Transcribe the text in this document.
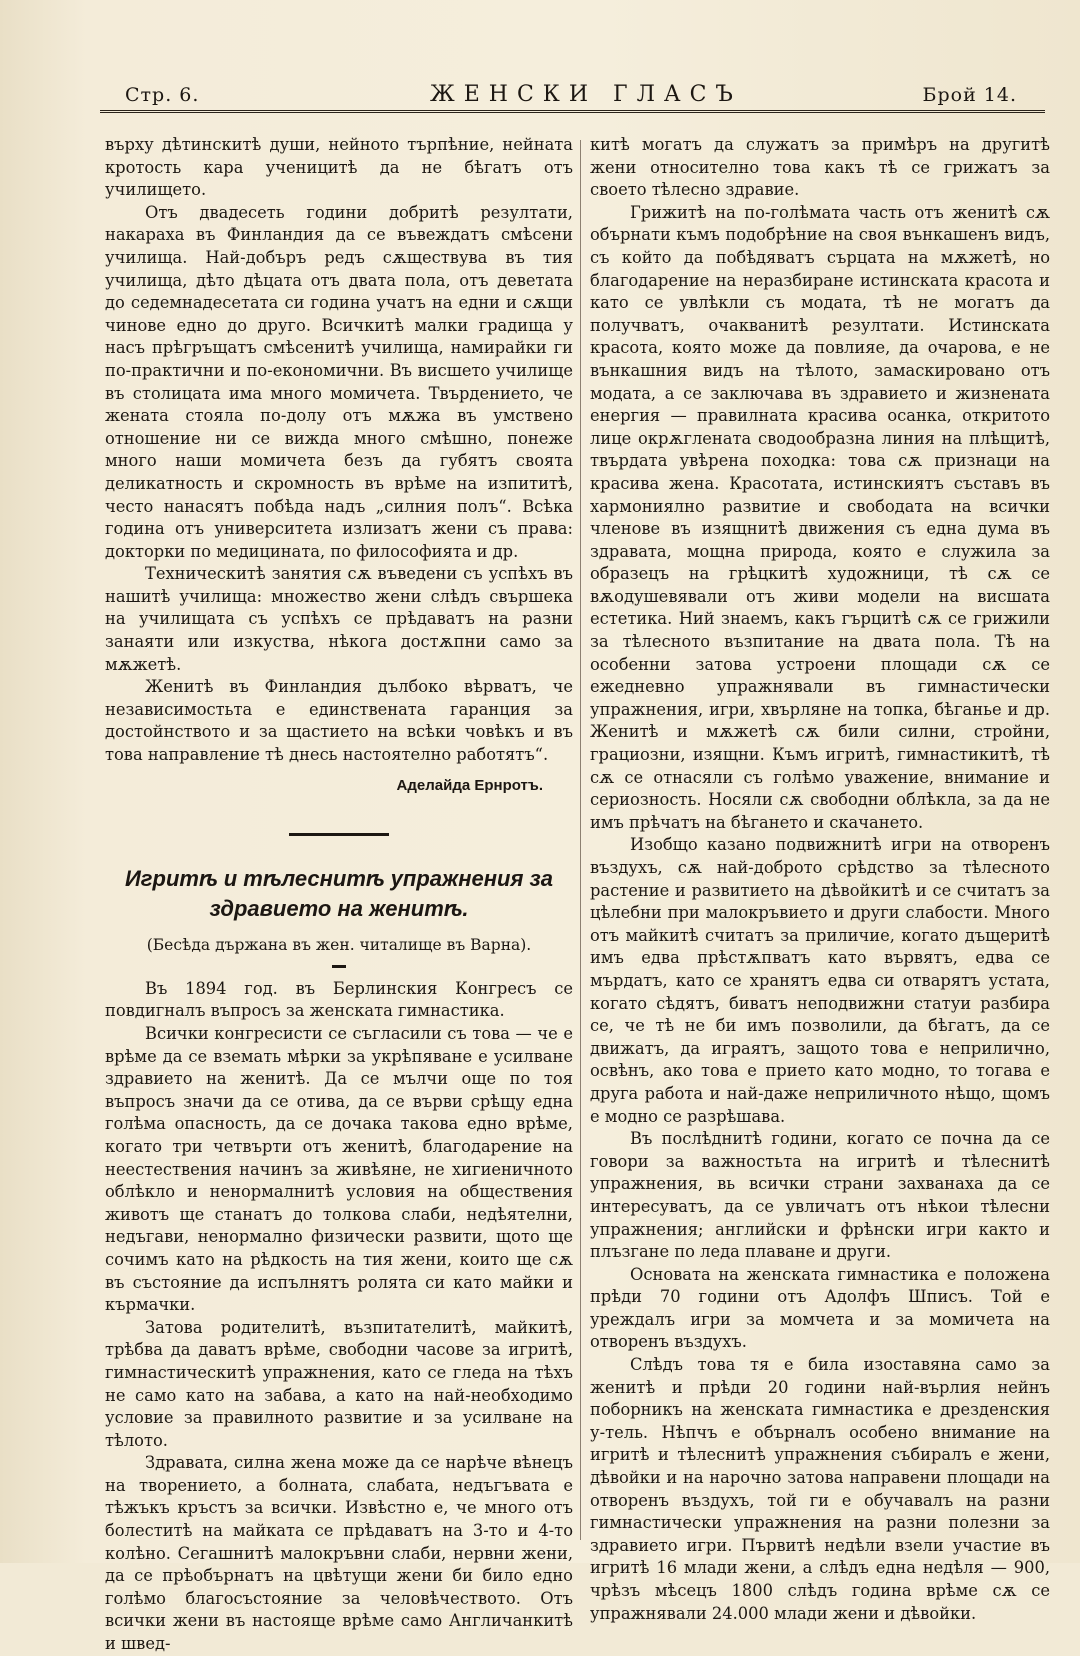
Стр. 6.	ЖЕНСКИ ГЛАСЪ	Брой 14.

върху дѣтинскитѣ души, нейното търпѣние, нейната кротость кара ученицитѣ да не бѣгатъ отъ училището.

Отъ двадесеть години добритѣ резултати, накараха въ Финландия да се въвеждатъ смѣсени училища. Най-добъръ редъ сѫществува въ тия училища, дѣто дѣцата отъ двата пола, отъ деветата до седемнадесетата си година учатъ на едни и сѫщи чинове едно до друго. Всичкитѣ малки градища у насъ прѣгръщатъ смѣсенитѣ училища, намирайки ги по-практични и по-економични. Въ висшето училище въ столицата има много момичета. Твърдението, че жената стояла по-долу отъ мѫжа въ умствено отношение ни се вижда много смѣшно, понеже много наши момичета безъ да губятъ своята деликатность и скромность въ врѣме на изпититѣ, често нанасятъ побѣда надъ „силния полъ“. Всѣка година отъ университета излизатъ жени съ права: докторки по медицината, по философията и др.

Техническитѣ занятия сѫ въведени съ успѣхъ въ нашитѣ училища: множество жени слѣдъ свършека на училищата съ успѣхъ се прѣдаватъ на разни занаяти или изкуства, нѣкога достѫпни само за мѫжетѣ.

Женитѣ въ Финландия дълбоко вѣрватъ, че независимостьта е единствената гаранция за достойнството и за щастието на всѣки човѣкъ и въ това направление тѣ днесь настоятелно работятъ“.

Аделайда Ернротъ.
Игритѣ и тѣлеснитѣ упражнения за здравието на женитѣ.
(Бесѣда държана въ жен. читалище въ Варна).

Въ 1894 год. въ Берлинския Конгресъ се повдигналъ въпросъ за женската гимнастика.

Всички конгресисти се съгласили съ това — че е врѣме да се вземать мѣрки за укрѣпяване е усилване здравието на женитѣ. Да се мълчи още по тоя въпросъ значи да се отива, да се върви срѣщу една голѣма опасность, да се дочака такова едно врѣме, когато три четвърти отъ женитѣ, благодарение на неестествения начинъ за живѣяне, не хигиеничното облѣкло и ненормалнитѣ условия на обществения животъ ще станатъ до толкова слаби, недѣятелни, недъгави, ненормално физически развити, щото ще сочимъ като на рѣдкость на тия жени, които ще сѫ въ състояние да испълнятъ ролята си като майки и кърмачки.

Затова родителитѣ, възпитателитѣ, майкитѣ, трѣбва да даватъ врѣме, свободни часове за игритѣ, гимнастическитѣ упражнения, като се гледа на тѣхъ не само като на забава, а като на най-необходимо условие за правилното развитие и за усилване на тѣлото.

Здравата, силна жена може да се нарѣче вѣнецъ на творението, а болната, слабата, недъгъвата е тѣжъкъ кръстъ за всички. Извѣстно е, че много отъ болеститѣ на майката се прѣдаватъ на 3-то и 4-то колѣно. Сегашнитѣ малокръвни слаби, нервни жени, да се прѣобърнатъ на цвѣтущи жени би било едно голѣмо благосъстояние за человѣчеството. Отъ всички жени въ настояще врѣме само Англичанкитѣ и швед-

китѣ могатъ да служатъ за примѣръ на другитѣ жени относително това какъ тѣ се грижатъ за своето тѣлесно здравие.

Грижитѣ на по-голѣмата часть отъ женитѣ сѫ обърнати къмъ подобрѣние на своя вънкашенъ видъ, съ който да побѣдяватъ сърцата на мѫжетѣ, но благодарение на неразбиране истинската красота и като се увлѣкли съ модата, тѣ не могатъ да получватъ, очакванитѣ резултати. Истинската красота, която може да повлияе, да очарова, е не вънкашния видъ на тѣлото, замаскировано отъ модата, а се заключава въ здравието и жизнената енергия — правилната красива осанка, откритото лице окрѫглената сводообразна линия на плѣщитѣ, твърдата увѣрена походка: това сѫ признаци на красива жена. Красотата, истинскиятъ съставъ въ хармониялно развитие и свободата на всички членове въ изящнитѣ движения съ една дума въ здравата, мощна природа, която е служила за образецъ на грѣцкитѣ художници, тѣ сѫ се вѫодушевявали отъ живи модели на висшата естетика. Ний знаемъ, какъ гърцитѣ сѫ се грижили за тѣлесното възпитание на двата пола. Тѣ на особенни затова устроени площади сѫ се ежедневно упражнявали въ гимнастически упражнения, игри, хвърляне на топка, бѣганье и др. Женитѣ и мѫжетѣ сѫ били силни, стройни, грациозни, изящни. Къмъ игритѣ, гимнастикитѣ, тѣ сѫ се отнасяли съ голѣмо уважение, внимание и сериозность. Носяли сѫ свободни облѣкла, за да не имъ прѣчатъ на бѣгането и скачането.

Изобщо казано подвижнитѣ игри на отворенъ въздухъ, сѫ най-доброто срѣдство за тѣлесното растение и развитието на дѣвойкитѣ и се считатъ за цѣлебни при малокръвието и други слабости. Много отъ майкитѣ считатъ за приличие, когато дъщеритѣ имъ едва прѣстѫпватъ като вървятъ, едва се мърдатъ, като се хранятъ едва си отварятъ устата, когато сѣдятъ, биватъ неподвижни статуи разбира се, че тѣ не би имъ позволили, да бѣгатъ, да се движатъ, да играятъ, защото това е неприлично, освѣнъ, ако това е прието като модно, то тогава е друга работа и най-даже неприличното нѣщо, щомъ е модно се разрѣшава.

Въ послѣднитѣ години, когато се почна да се говори за важностьта на игритѣ и тѣлеснитѣ упражнения, вь всички страни захванаха да се интересуватъ, да се увличатъ отъ нѣкои тѣлесни упражнения; английски и фрѣнски игри както и плъзгане по леда плаване и други.

Основата на женската гимнастика е положена прѣди 70 години отъ Адолфъ Шписъ. Той е уреждалъ игри за момчета и за момичета на отворенъ въздухъ.

Слѣдъ това тя е била изоставяна само за женитѣ и прѣди 20 години най-върлия нейнъ поборникъ на женската гимнастика е дрезденския у-тель. Нѣпчъ е обърналъ особено внимание на игритѣ и тѣлеснитѣ упражнения събиралъ е жени, дѣвойки и на нарочно затова направени площади на отворенъ въздухъ, той ги е обучавалъ на разни гимнастически упражнения на разни полезни за здравието игри. Първитѣ недѣли взели участие въ игритѣ 16 млади жени, а слѣдъ една недѣля — 900, чрѣзъ мѣсецъ 1800 слѣдъ година врѣме сѫ се упражнявали 24.000 млади жени и дѣвойки.
